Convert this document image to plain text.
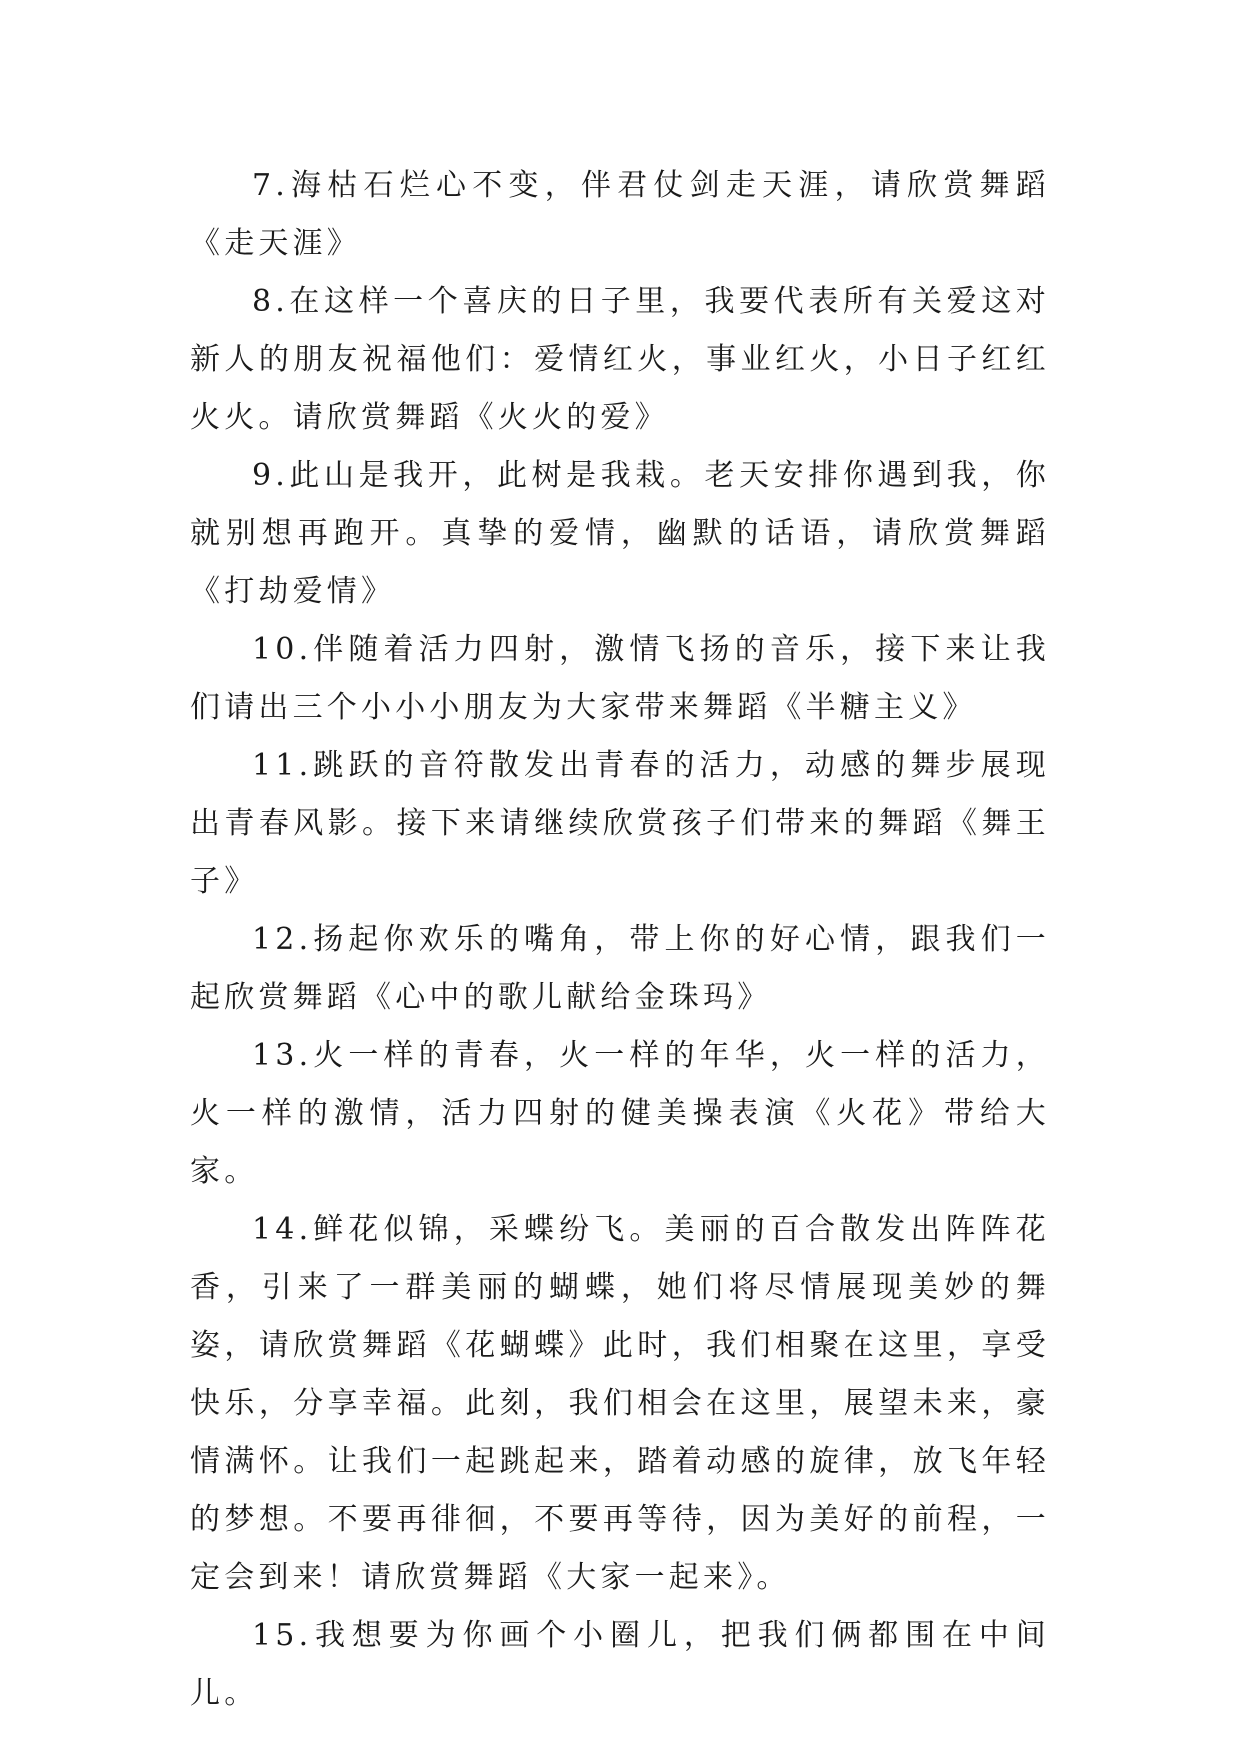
7.海枯石烂心不变，伴君仗剑走天涯，请欣赏舞蹈《走天涯》

8.在这样一个喜庆的日子里，我要代表所有关爱这对新人的朋友祝福他们：爱情红火，事业红火，小日子红红火火。请欣赏舞蹈《火火的爱》

9.此山是我开，此树是我栽。老天安排你遇到我，你就别想再跑开。真挚的爱情，幽默的话语，请欣赏舞蹈《打劫爱情》

10.伴随着活力四射，激情飞扬的音乐，接下来让我们请出三个小小小朋友为大家带来舞蹈《半糖主义》

11.跳跃的音符散发出青春的活力，动感的舞步展现出青春风影。接下来请继续欣赏孩子们带来的舞蹈《舞王子》

12.扬起你欢乐的嘴角，带上你的好心情，跟我们一起欣赏舞蹈《心中的歌儿献给金珠玛》

13.火一样的青春，火一样的年华，火一样的活力，火一样的激情，活力四射的健美操表演《火花》带给大家。

14.鲜花似锦，采蝶纷飞。美丽的百合散发出阵阵花香，引来了一群美丽的蝴蝶，她们将尽情展现美妙的舞姿，请欣赏舞蹈《花蝴蝶》此时，我们相聚在这里，享受快乐，分享幸福。此刻，我们相会在这里，展望未来，豪情满怀。让我们一起跳起来，踏着动感的旋律，放飞年轻的梦想。不要再徘徊，不要再等待，因为美好的前程，一定会到来！请欣赏舞蹈《大家一起来》。

15.我想要为你画个小圈儿，把我们俩都围在中间儿。
